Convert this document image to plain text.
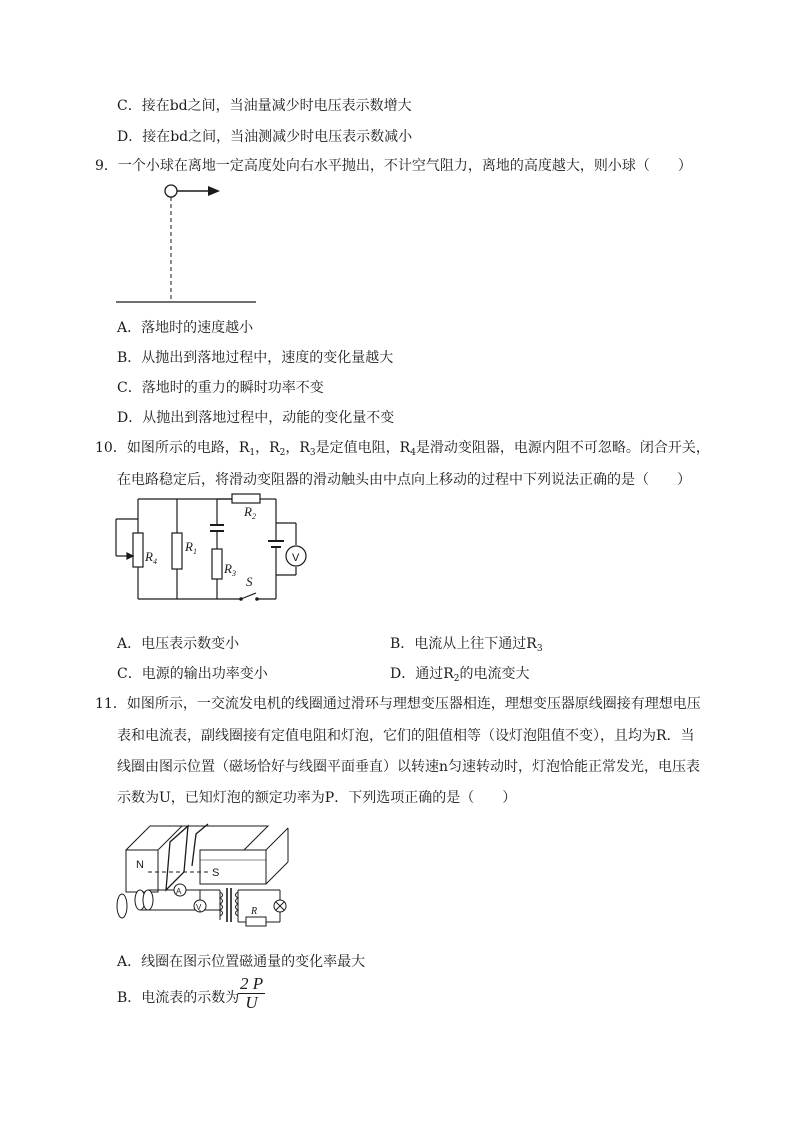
C．接在bd之间，当油量减少时电压表示数增大
D．接在bd之间，当油测减少时电压表示数减小
9．一个小球在离地一定高度处向右水平抛出，不计空气阻力，离地的高度越大，则小球（　　）
A．落地时的速度越小
B．从抛出到落地过程中，速度的变化量越大
C．落地时的重力的瞬时功率不变
D．从抛出到落地过程中，动能的变化量不变
10．如图所示的电路，$R_1$，$R_2$，$R_3$是定值电阻，$R_4$是滑动变阻器，电源内阻不可忽略。闭合开关，
在电路稳定后，将滑动变阻器的滑动触头由中点向上移动的过程中下列说法正确的是（　　）
$R_4$
$R_1$
$R_3$
$R_2$
S
V
A．电压表示数变小	B．电流从上往下通过$R_3$
C．电源的输出功率变小	D．通过$R_2$的电流变大
11．如图所示，一交流发电机的线圈通过滑环与理想变压器相连，理想变压器原线圈接有理想电压
表和电流表，副线圈接有定值电阻和灯泡，它们的阻值相等（设灯泡阻值不变），且均为R．当
线圈由图示位置（磁场恰好与线圈平面垂直）以转速n匀速转动时，灯泡恰能正常发光，电压表
示数为U，已知灯泡的额定功率为P．下列选项正确的是（　　）
N
S
A
V	R
A．线圈在图示位置磁通量的变化率最大
B．电流表的示数为
$\frac{2 P}{U}$
